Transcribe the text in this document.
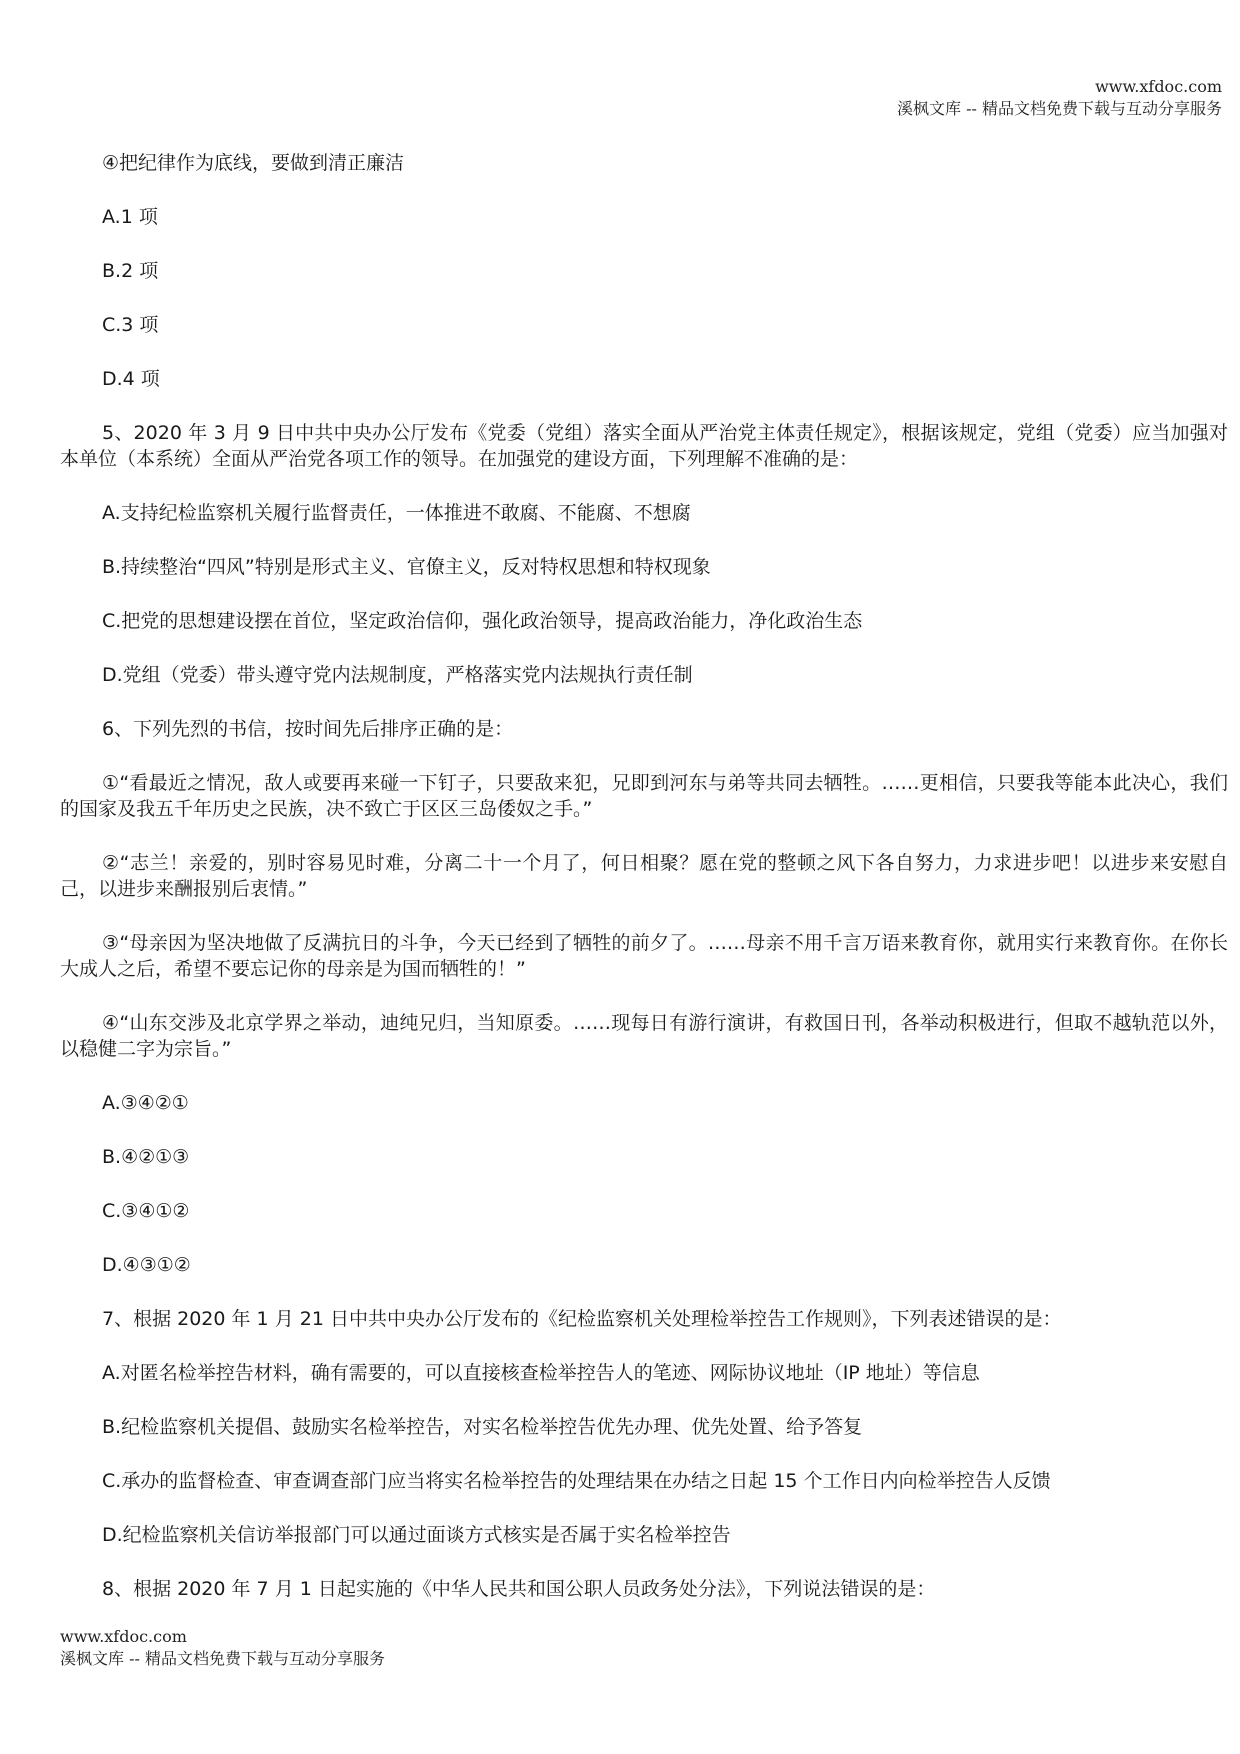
www.xfdoc.com
溪枫文库 -- 精品文档免费下载与互动分享服务

④把纪律作为底线，要做到清正廉洁

A.1 项

B.2 项

C.3 项

D.4 项

5、2020 年 3 月 9 日中共中央办公厅发布《党委（党组）落实全面从严治党主体责任规定》，根据该规定，党组（党委）应当加强对本单位（本系统）全面从严治党各项工作的领导。在加强党的建设方面，下列理解不准确的是：

A.支持纪检监察机关履行监督责任，一体推进不敢腐、不能腐、不想腐

B.持续整治“四风”特别是形式主义、官僚主义，反对特权思想和特权现象

C.把党的思想建设摆在首位，坚定政治信仰，强化政治领导，提高政治能力，净化政治生态

D.党组（党委）带头遵守党内法规制度，严格落实党内法规执行责任制

6、下列先烈的书信，按时间先后排序正确的是：

①“看最近之情况，敌人或要再来碰一下钉子，只要敌来犯，兄即到河东与弟等共同去牺牲。……更相信，只要我等能本此决心，我们的国家及我五千年历史之民族，决不致亡于区区三岛倭奴之手。”

②“志兰！亲爱的，别时容易见时难，分离二十一个月了，何日相聚？愿在党的整顿之风下各自努力，力求进步吧！以进步来安慰自己，以进步来酬报别后衷情。”

③“母亲因为坚决地做了反满抗日的斗争，今天已经到了牺牲的前夕了。……母亲不用千言万语来教育你，就用实行来教育你。在你长大成人之后，希望不要忘记你的母亲是为国而牺牲的！”

④“山东交涉及北京学界之举动，迪纯兄归，当知原委。……现每日有游行演讲，有救国日刊，各举动积极进行，但取不越轨范以外，以稳健二字为宗旨。”

A.③④②①

B.④②①③

C.③④①②

D.④③①②

7、根据 2020 年 1 月 21 日中共中央办公厅发布的《纪检监察机关处理检举控告工作规则》，下列表述错误的是：

A.对匿名检举控告材料，确有需要的，可以直接核查检举控告人的笔迹、网际协议地址（IP 地址）等信息

B.纪检监察机关提倡、鼓励实名检举控告，对实名检举控告优先办理、优先处置、给予答复

C.承办的监督检查、审查调查部门应当将实名检举控告的处理结果在办结之日起 15 个工作日内向检举控告人反馈

D.纪检监察机关信访举报部门可以通过面谈方式核实是否属于实名检举控告

8、根据 2020 年 7 月 1 日起实施的《中华人民共和国公职人员政务处分法》，下列说法错误的是：

www.xfdoc.com
溪枫文库 -- 精品文档免费下载与互动分享服务
